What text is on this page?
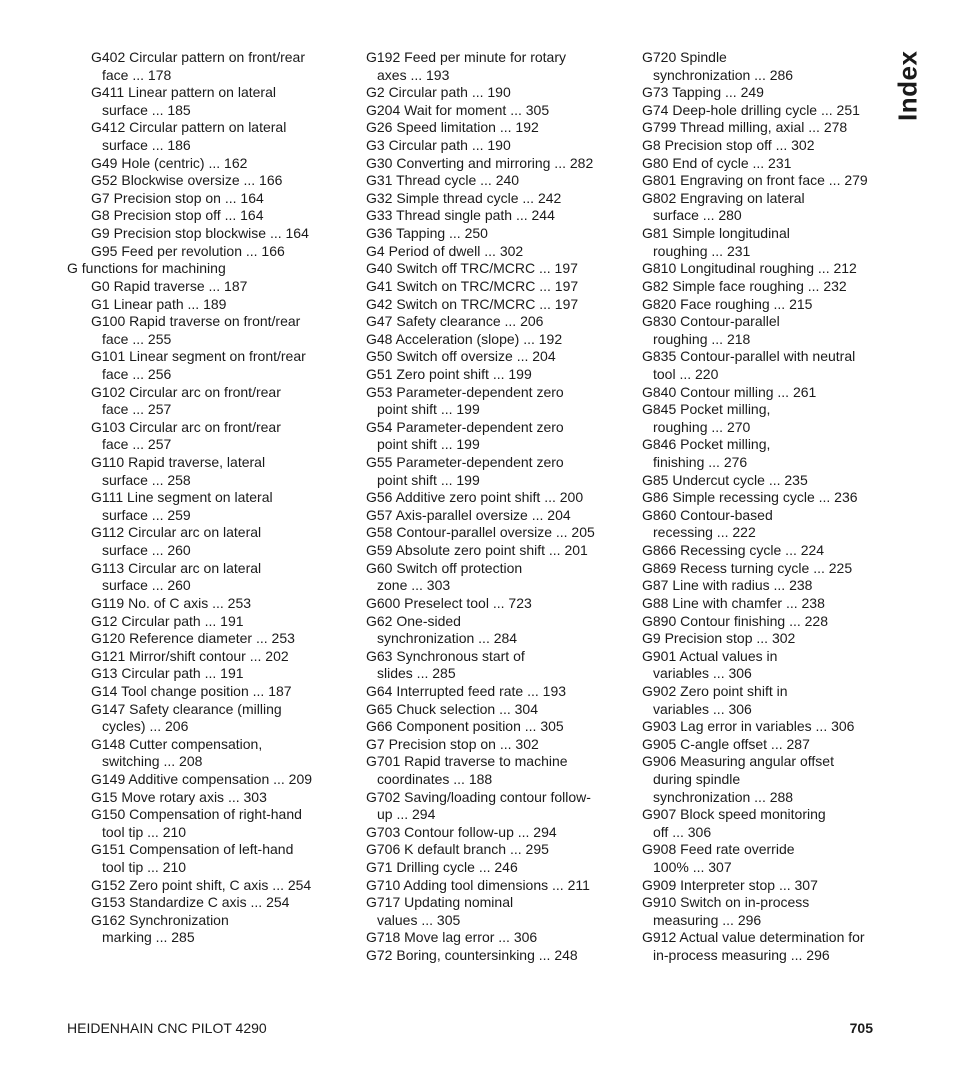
Index
G402 Circular pattern on front/rear
face ... 178
G411 Linear pattern on lateral
surface ... 185
G412 Circular pattern on lateral
surface ... 186
G49 Hole (centric) ... 162
G52 Blockwise oversize ... 166
G7 Precision stop on ... 164
G8 Precision stop off ... 164
G9 Precision stop blockwise ... 164
G95 Feed per revolution ... 166
G functions for machining
G0 Rapid traverse ... 187
G1 Linear path ... 189
G100 Rapid traverse on front/rear
face ... 255
G101 Linear segment on front/rear
face ... 256
G102 Circular arc on front/rear
face ... 257
G103 Circular arc on front/rear
face ... 257
G110 Rapid traverse, lateral
surface ... 258
G111 Line segment on lateral
surface ... 259
G112 Circular arc on lateral
surface ... 260
G113 Circular arc on lateral
surface ... 260
G119 No. of C axis ... 253
G12 Circular path ... 191
G120 Reference diameter ... 253
G121 Mirror/shift contour ... 202
G13 Circular path ... 191
G14 Tool change position ... 187
G147 Safety clearance (milling
cycles) ... 206
G148 Cutter compensation,
switching ... 208
G149 Additive compensation ... 209
G15 Move rotary axis ... 303
G150 Compensation of right-hand
tool tip ... 210
G151 Compensation of left-hand
tool tip ... 210
G152 Zero point shift, C axis ... 254
G153 Standardize C axis ... 254
G162 Synchronization
marking ... 285
G192 Feed per minute for rotary
axes ... 193
G2 Circular path ... 190
G204 Wait for moment ... 305
G26 Speed limitation ... 192
G3 Circular path ... 190
G30 Converting and mirroring ... 282
G31 Thread cycle ... 240
G32 Simple thread cycle ... 242
G33 Thread single path ... 244
G36 Tapping ... 250
G4 Period of dwell ... 302
G40 Switch off TRC/MCRC ... 197
G41 Switch on TRC/MCRC ... 197
G42 Switch on TRC/MCRC ... 197
G47 Safety clearance ... 206
G48 Acceleration (slope) ... 192
G50 Switch off oversize ... 204
G51 Zero point shift ... 199
G53 Parameter-dependent zero
point shift ... 199
G54 Parameter-dependent zero
point shift ... 199
G55 Parameter-dependent zero
point shift ... 199
G56 Additive zero point shift ... 200
G57 Axis-parallel oversize ... 204
G58 Contour-parallel oversize ... 205
G59 Absolute zero point shift ... 201
G60 Switch off protection
zone ... 303
G600 Preselect tool ... 723
G62 One-sided
synchronization ... 284
G63 Synchronous start of
slides ... 285
G64 Interrupted feed rate ... 193
G65 Chuck selection ... 304
G66 Component position ... 305
G7 Precision stop on ... 302
G701 Rapid traverse to machine
coordinates ... 188
G702 Saving/loading contour follow-
up ... 294
G703 Contour follow-up ... 294
G706 K default branch ... 295
G71 Drilling cycle ... 246
G710 Adding tool dimensions ... 211
G717 Updating nominal
values ... 305
G718 Move lag error ... 306
G72 Boring, countersinking ... 248
G720 Spindle
synchronization ... 286
G73 Tapping ... 249
G74 Deep-hole drilling cycle ... 251
G799 Thread milling, axial ... 278
G8 Precision stop off ... 302
G80 End of cycle ... 231
G801 Engraving on front face ... 279
G802 Engraving on lateral
surface ... 280
G81 Simple longitudinal
roughing ... 231
G810 Longitudinal roughing ... 212
G82 Simple face roughing ... 232
G820 Face roughing ... 215
G830 Contour-parallel
roughing ... 218
G835 Contour-parallel with neutral
tool ... 220
G840 Contour milling ... 261
G845 Pocket milling,
roughing ... 270
G846 Pocket milling,
finishing ... 276
G85 Undercut cycle ... 235
G86 Simple recessing cycle ... 236
G860 Contour-based
recessing ... 222
G866 Recessing cycle ... 224
G869 Recess turning cycle ... 225
G87 Line with radius ... 238
G88 Line with chamfer ... 238
G890 Contour finishing ... 228
G9 Precision stop ... 302
G901 Actual values in
variables ... 306
G902 Zero point shift in
variables ... 306
G903 Lag error in variables ... 306
G905 C-angle offset ... 287
G906 Measuring angular offset
during spindle
synchronization ... 288
G907 Block speed monitoring
off ... 306
G908 Feed rate override
100% ... 307
G909 Interpreter stop ... 307
G910 Switch on in-process
measuring ... 296
G912 Actual value determination for
in-process measuring ... 296
HEIDENHAIN CNC PILOT 4290	705
